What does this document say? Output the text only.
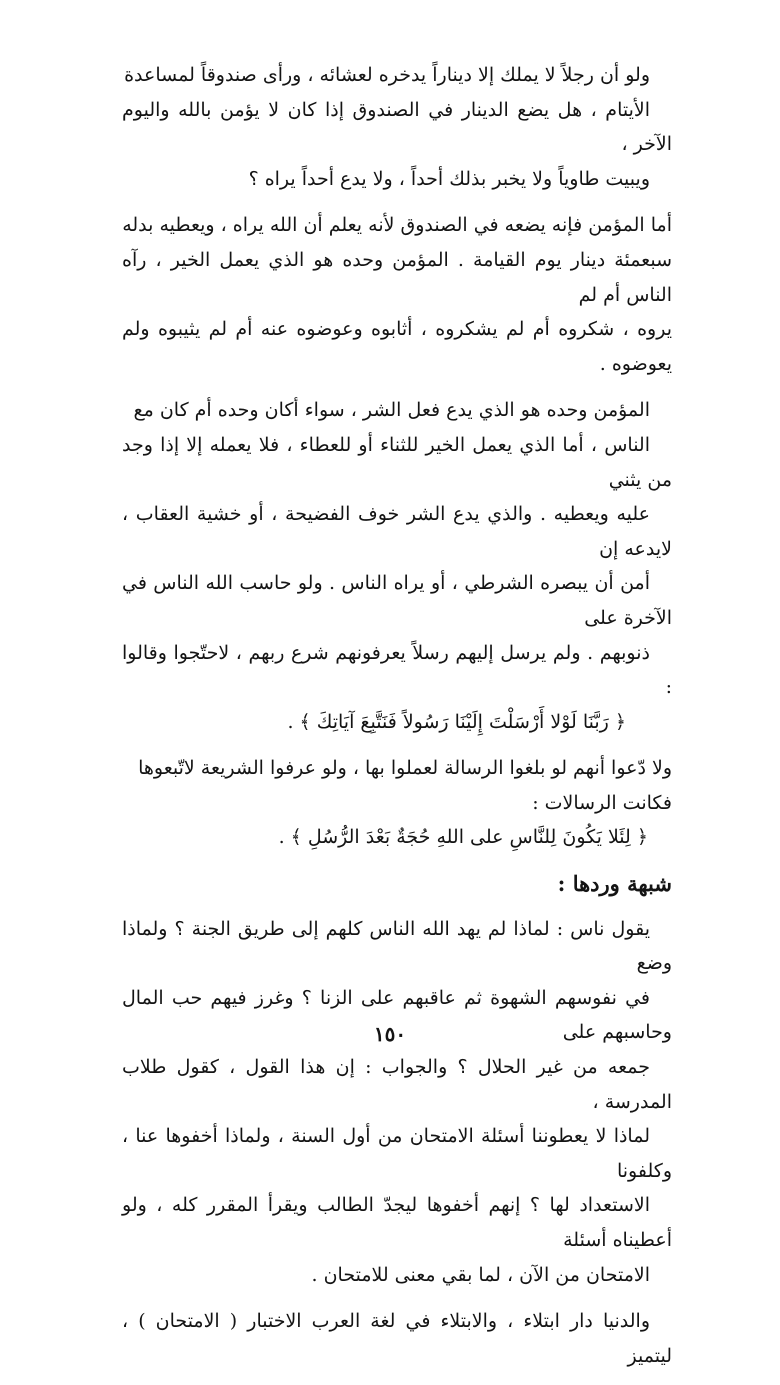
ولو أن رجلاً لا يملك إلا ديناراً يدخره لعشائه ، ورأى صندوقاً لمساعدة
الأيتام ، هل يضع الدينار في الصندوق إذا كان لا يؤمن بالله واليوم الآخر ،
ويبيت طاوياً ولا يخبر بذلك أحداً ، ولا يدع أحداً يراه ؟

أما المؤمن فإنه يضعه في الصندوق لأنه يعلم أن الله يراه ، ويعطيه بدله
سبعمئة دينار يوم القيامة . المؤمن وحده هو الذي يعمل الخير ، رآه الناس أم لم
يروه ، شكروه أم لم يشكروه ، أثابوه وعوضوه عنه أم لم يثيبوه ولم يعوضوه .

المؤمن وحده هو الذي يدع فعل الشر ، سواء أكان وحده أم كان مع
الناس ، أما الذي يعمل الخير للثناء أو للعطاء ، فلا يعمله إلا إذا وجد من يثني
عليه ويعطيه . والذي يدع الشر خوف الفضيحة ، أو خشية العقاب ، لايدعه إن
أمن أن يبصره الشرطي ، أو يراه الناس . ولو حاسب الله الناس في الآخرة على
ذنوبهم . ولم يرسل إليهم رسلاً يعرفونهم شرع ربهم ، لاحتّجوا وقالوا :
﴿ رَبَّنَا لَوْلا أَرْسَلْتَ إِلَيْنَا رَسُولاً فَنَتَّبِعَ آيَاتِكَ ﴾ .

ولا دّعوا أنهم لو بلغوا الرسالة لعملوا بها ، ولو عرفوا الشريعة لاتّبعوها
فكانت الرسالات :
﴿ لِئَلا يَكُونَ لِلنَّاسِ على اللهِ حُجَةٌ بَعْدَ الرُّسُلِ ﴾ .

شبهة وردها :

يقول ناس : لماذا لم يهد الله الناس كلهم إلى طريق الجنة ؟ ولماذا وضع
في نفوسهم الشهوة ثم عاقبهم على الزنا ؟ وغرز فيهم حب المال وحاسبهم على
جمعه من غير الحلال ؟ والجواب : إن هذا القول ، كقول طلاب المدرسة ،
لماذا لا يعطوننا أسئلة الامتحان من أول السنة ، ولماذا أخفوها عنا ، وكلفونا
الاستعداد لها ؟ إنهم أخفوها ليجدّ الطالب ويقرأ المقرر كله ، ولو أعطيناه أسئلة
الامتحان من الآن ، لما بقي معنى للامتحان .

والدنيا دار ابتلاء ، والابتلاء في لغة العرب الاختبار ( الامتحان ) ، ليتميز

١٥٠
